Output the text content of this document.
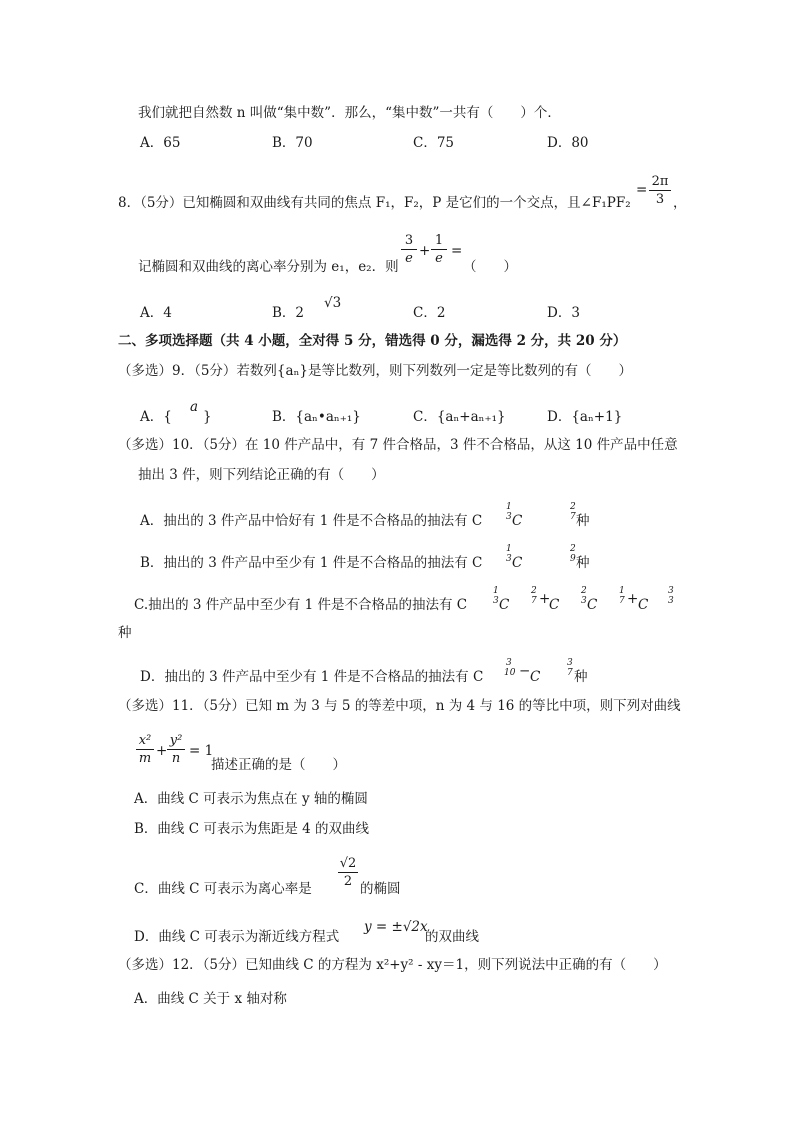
我们就把自然数 n 叫做“集中数”．那么，“集中数”一共有（　　）个．
A．65	B．70	C．75	D．80
8．（5分）已知椭圆和双曲线有共同的焦点 F₁，F₂，P 是它们的一个交点，且∠F₁PF₂
=
2π
3 ，
记椭圆和双曲线的离心率分别为 e₁，e₂．则
3
e +
1
e =
（　　）
√3
A．4	B．2	C．2	D．3
二、多项选择题（共 4 小题，全对得 5 分，错选得 0 分，漏选得 2 分，共 20 分）
（多选）9．（5分）若数列{aₙ}是等比数列，则下列数列一定是等比数列的有（　　）
A．{
a
}	B．{aₙ•aₙ₊₁}	C．{aₙ+aₙ₊₁}	D．{aₙ+1}
（多选）10．（5分）在 10 件产品中，有 7 件合格品，3 件不合格品，从这 10 件产品中任意
抽出 3 件，则下列结论正确的有（　　）
A．抽出的 3 件产品中恰好有 1 件是不合格品的抽法有 C
1
3 C
2
7 种
B．抽出的 3 件产品中至少有 1 件是不合格品的抽法有 C
1
3 C
2
9 种
C.抽出的 3 件产品中至少有 1 件是不合格品的抽法有 C
1
3 C
2
7 +
C
2
3 C
1
7 + C
3
3
种
D．抽出的 3 件产品中至少有 1 件是不合格品的抽法有 C
3
10 − C
3
7 种
（多选）11．（5分）已知 m 为 3 与 5 的等差中项，n 为 4 与 16 的等比中项，则下列对曲线
x²
m +
y²
n = 1
描述正确的是（　　）
A．曲线 C 可表示为焦点在 y 轴的椭圆
B．曲线 C 可表示为焦距是 4 的双曲线
√2
2
C．曲线 C 可表示为离心率是	的椭圆
D．曲线 C 可表示为渐近线方程式
y = ±√2x
的双曲线
（多选）12．（5分）已知曲线 C 的方程为 x²+y² - xy＝1，则下列说法中正确的有（　　）
A．曲线 C 关于 x 轴对称
